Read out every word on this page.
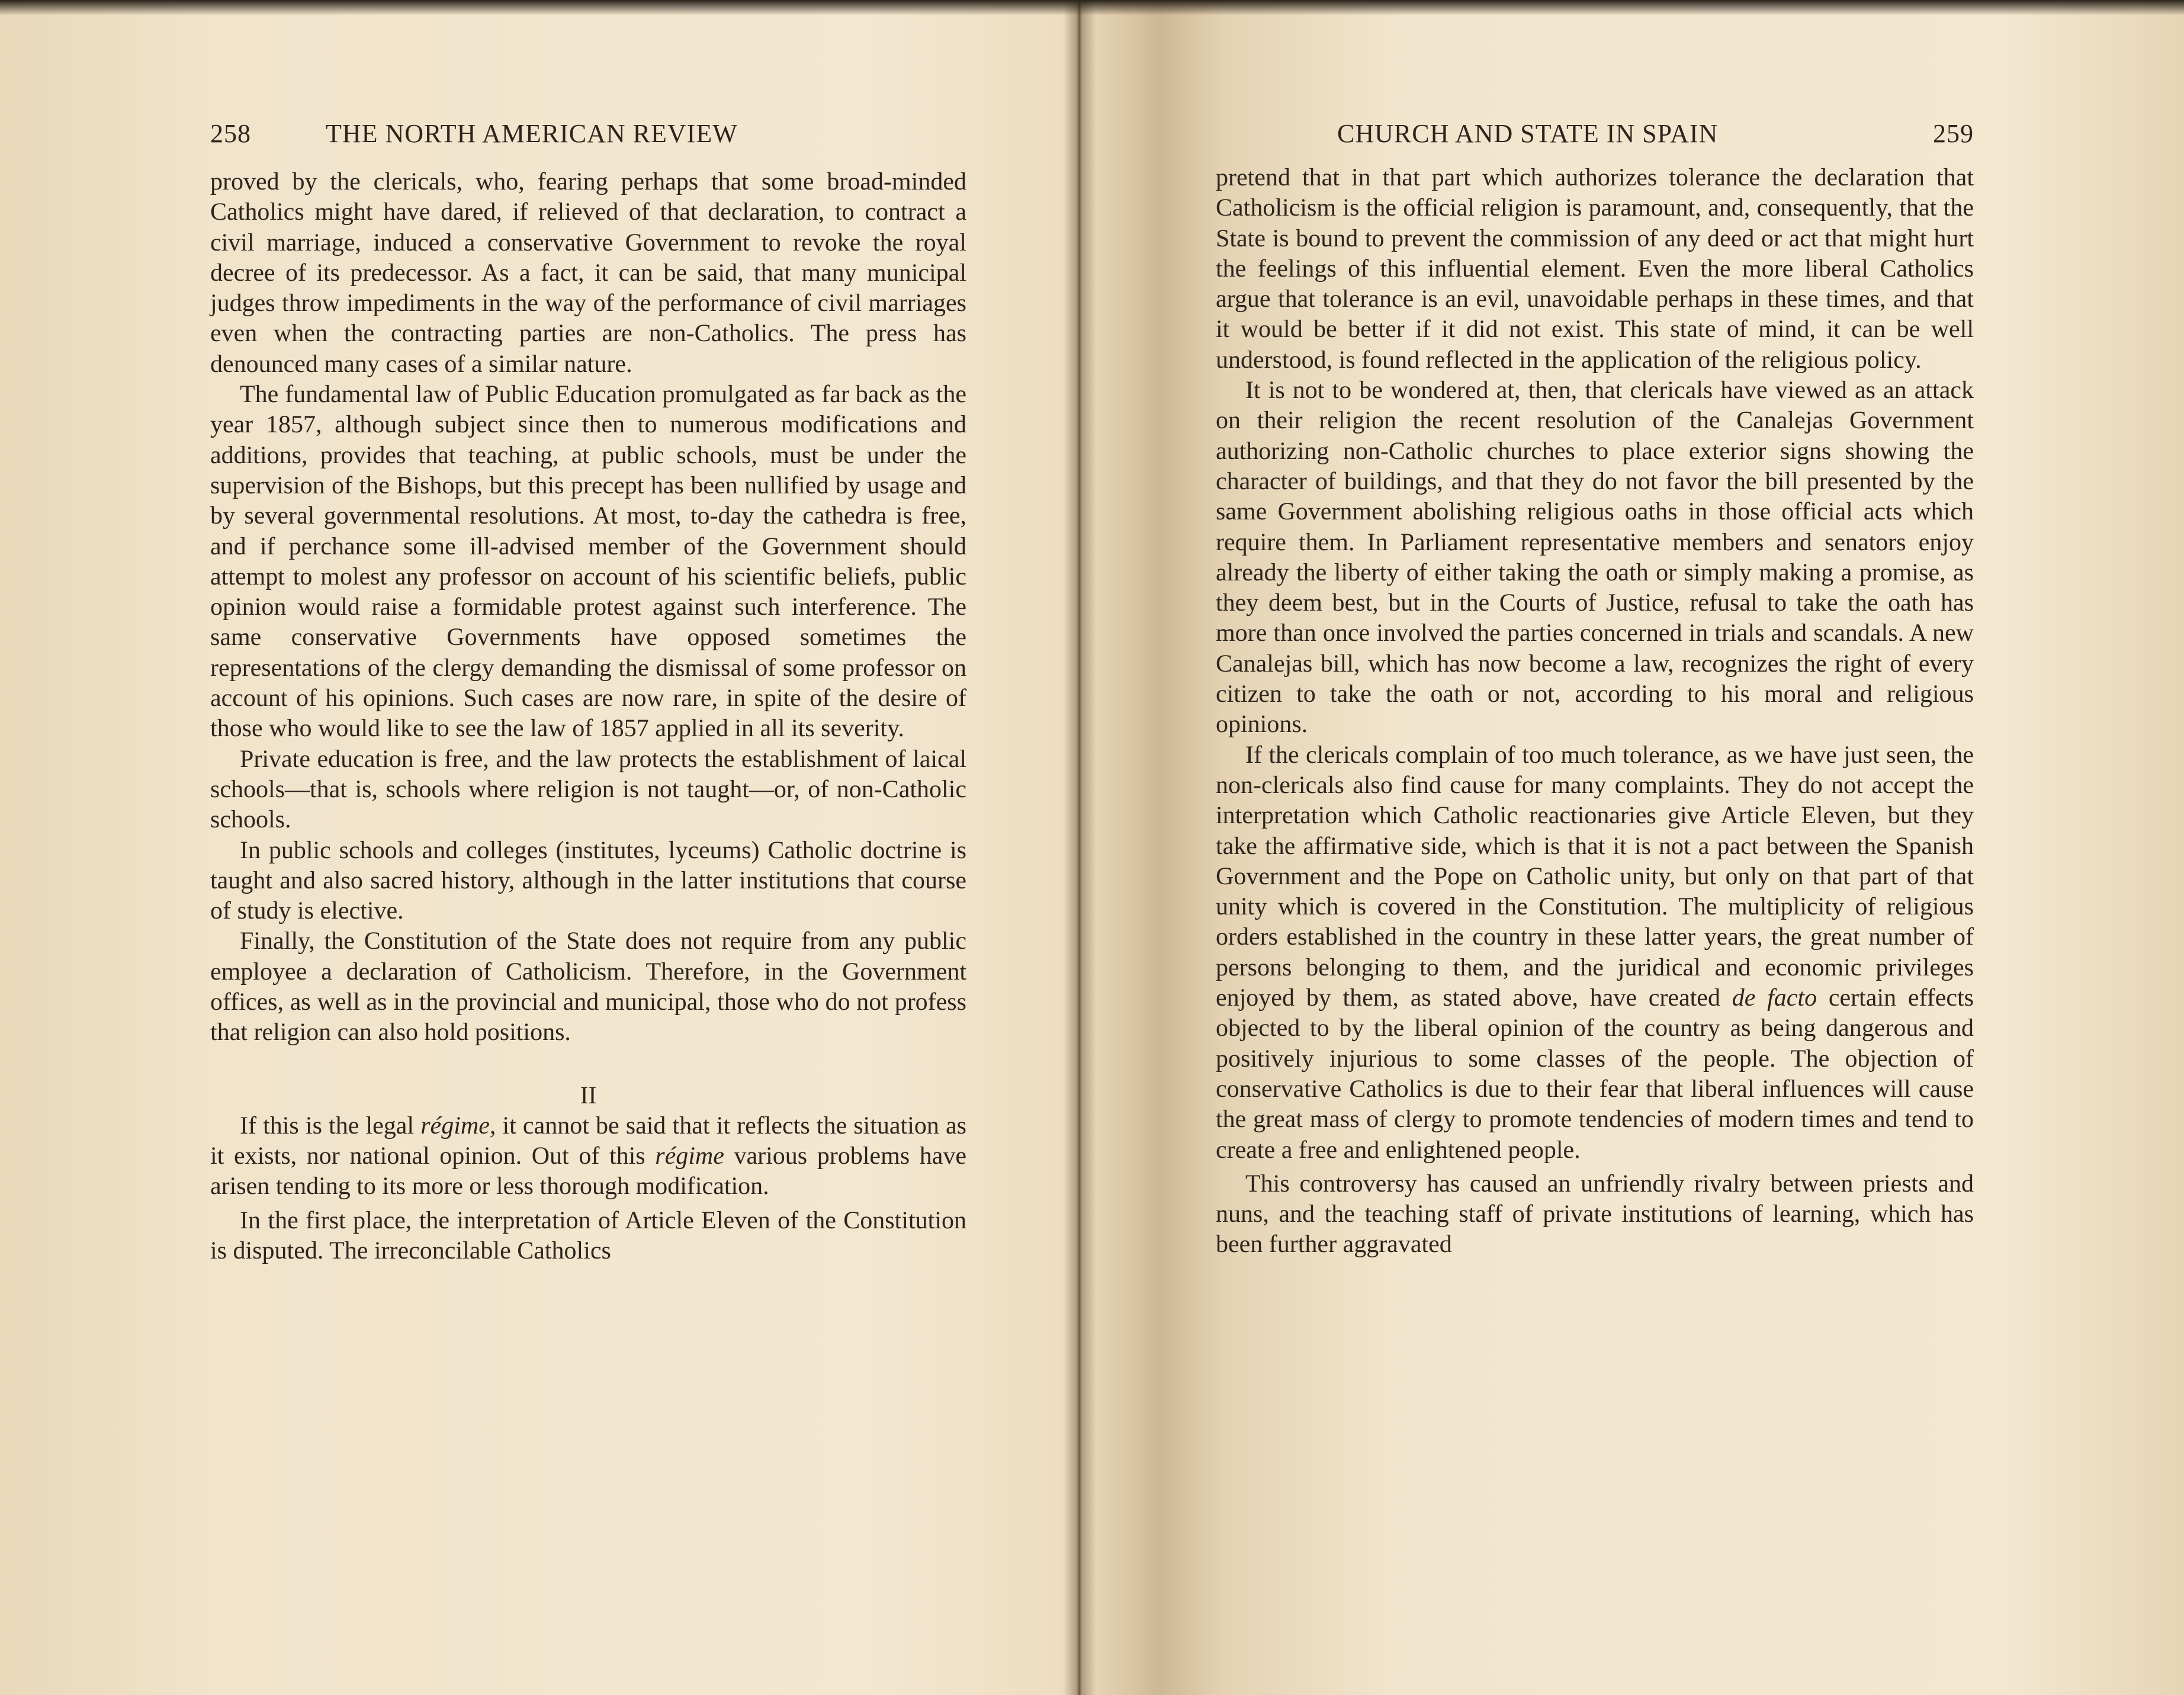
258	THE NORTH AMERICAN REVIEW

proved by the clericals, who, fearing perhaps that some broad-minded Catholics might have dared, if relieved of that declaration, to contract a civil marriage, induced a conservative Government to revoke the royal decree of its predecessor. As a fact, it can be said, that many municipal judges throw impediments in the way of the performance of civil marriages even when the contracting parties are non-Catholics. The press has denounced many cases of a similar nature.

The fundamental law of Public Education promulgated as far back as the year 1857, although subject since then to numerous modifications and additions, provides that teaching, at public schools, must be under the supervision of the Bishops, but this precept has been nullified by usage and by several governmental resolutions. At most, to-day the cathedra is free, and if perchance some ill-advised member of the Government should attempt to molest any professor on account of his scientific beliefs, public opinion would raise a formidable protest against such interference. The same conservative Governments have opposed sometimes the representations of the clergy demanding the dismissal of some professor on account of his opinions. Such cases are now rare, in spite of the desire of those who would like to see the law of 1857 applied in all its severity.

Private education is free, and the law protects the establishment of laical schools—that is, schools where religion is not taught—or, of non-Catholic schools.

In public schools and colleges (institutes, lyceums) Catholic doctrine is taught and also sacred history, although in the latter institutions that course of study is elective.

Finally, the Constitution of the State does not require from any public employee a declaration of Catholicism. Therefore, in the Government offices, as well as in the provincial and municipal, those who do not profess that religion can also hold positions.

II

If this is the legal régime, it cannot be said that it reflects the situation as it exists, nor national opinion. Out of this régime various problems have arisen tending to its more or less thorough modification.

In the first place, the interpretation of Article Eleven of the Constitution is disputed. The irreconcilable Catholics

CHURCH AND STATE IN SPAIN	259

pretend that in that part which authorizes tolerance the declaration that Catholicism is the official religion is paramount, and, consequently, that the State is bound to prevent the commission of any deed or act that might hurt the feelings of this influential element. Even the more liberal Catholics argue that tolerance is an evil, unavoidable perhaps in these times, and that it would be better if it did not exist. This state of mind, it can be well understood, is found reflected in the application of the religious policy.

It is not to be wondered at, then, that clericals have viewed as an attack on their religion the recent resolution of the Canalejas Government authorizing non-Catholic churches to place exterior signs showing the character of buildings, and that they do not favor the bill presented by the same Government abolishing religious oaths in those official acts which require them. In Parliament representative members and senators enjoy already the liberty of either taking the oath or simply making a promise, as they deem best, but in the Courts of Justice, refusal to take the oath has more than once involved the parties concerned in trials and scandals. A new Canalejas bill, which has now become a law, recognizes the right of every citizen to take the oath or not, according to his moral and religious opinions.

If the clericals complain of too much tolerance, as we have just seen, the non-clericals also find cause for many complaints. They do not accept the interpretation which Catholic reactionaries give Article Eleven, but they take the affirmative side, which is that it is not a pact between the Spanish Government and the Pope on Catholic unity, but only on that part of that unity which is covered in the Constitution. The multiplicity of religious orders established in the country in these latter years, the great number of persons belonging to them, and the juridical and economic privileges enjoyed by them, as stated above, have created de facto certain effects objected to by the liberal opinion of the country as being dangerous and positively injurious to some classes of the people. The objection of conservative Catholics is due to their fear that liberal influences will cause the great mass of clergy to promote tendencies of modern times and tend to create a free and enlightened people.

This controversy has caused an unfriendly rivalry between priests and nuns, and the teaching staff of private institutions of learning, which has been further aggravated
